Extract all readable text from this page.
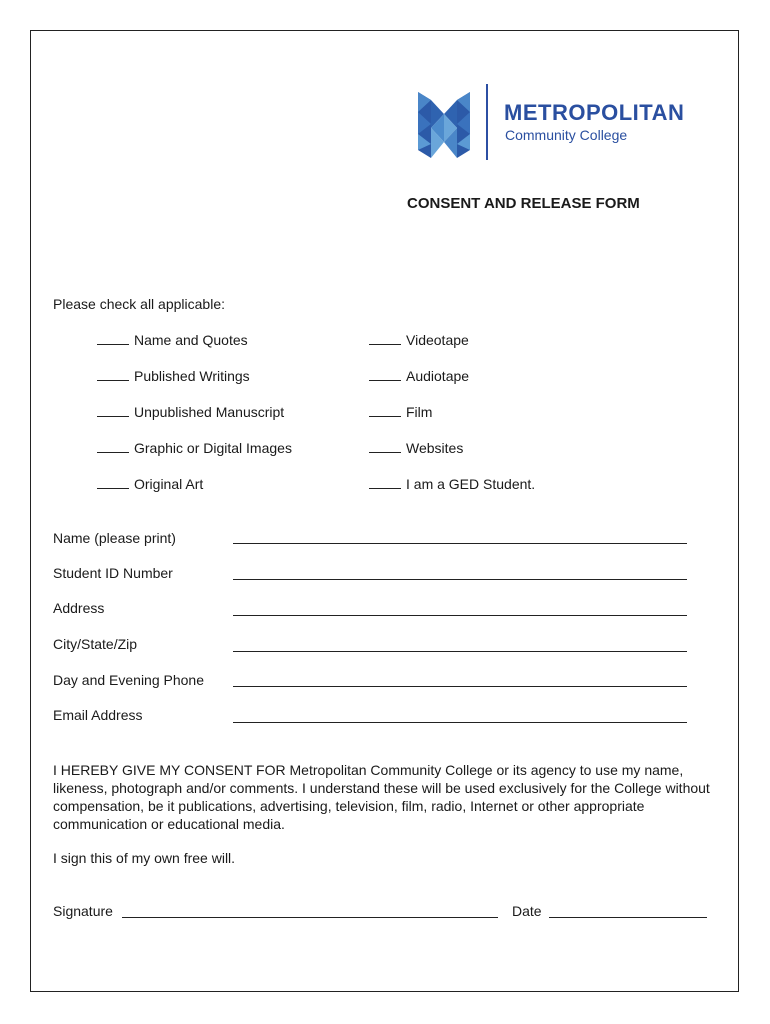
METROPOLITAN
Community College
CONSENT AND RELEASE FORM
Please check all applicable:
Name and Quotes
Published Writings
Unpublished Manuscript
Graphic or Digital Images
Original Art
Videotape
Audiotape
Film
Websites
I am a GED Student.
Name (please print)
Student ID Number
Address
City/State/Zip
Day and Evening Phone
Email Address
I HEREBY GIVE MY CONSENT FOR Metropolitan Community College or its agency to use my name, likeness, photograph and/or comments. I understand these will be used exclusively for the College without compensation, be it publications, advertising, television, film, radio, Internet or other appropriate communication or educational media.
I sign this of my own free will.
Signature	Date
